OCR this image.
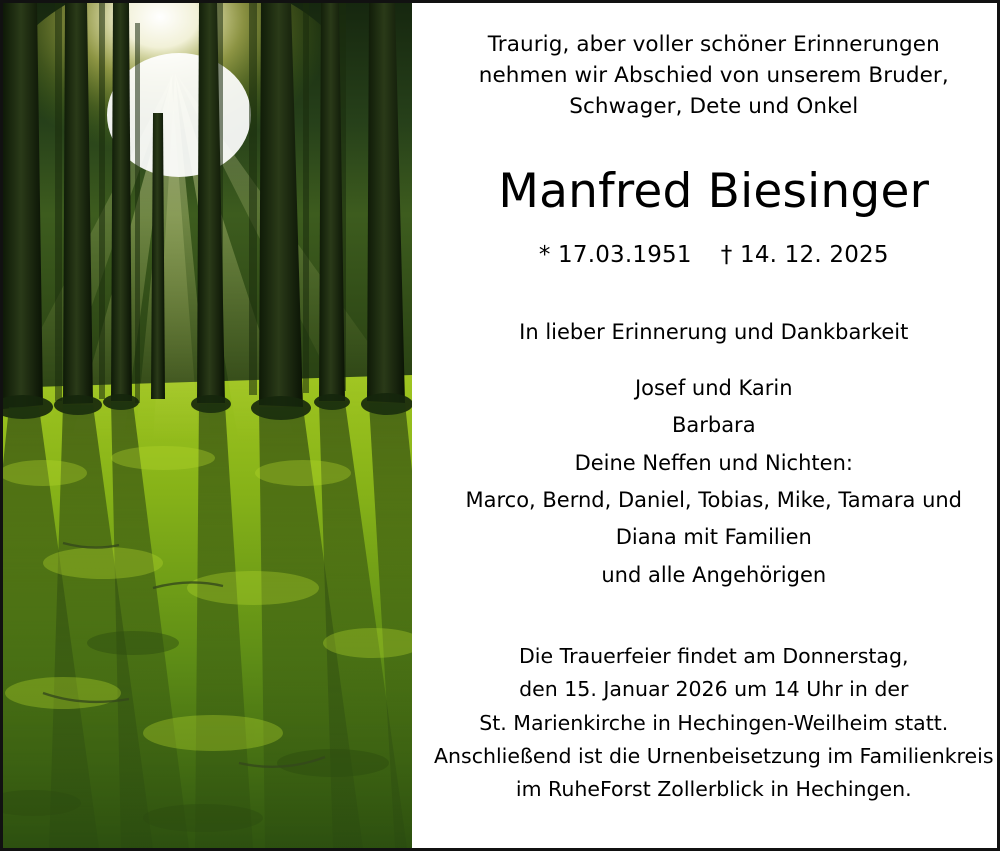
Traurig, aber voller schöner Erinnerungen
nehmen wir Abschied von unserem Bruder,
Schwager, Dete und Onkel
Manfred Biesinger
* 17.03.1951 † 14. 12. 2025
In lieber Erinnerung und Dankbarkeit
Josef und Karin
Barbara
Deine Neffen und Nichten:
Marco, Bernd, Daniel, Tobias, Mike, Tamara und
Diana mit Familien
und alle Angehörigen
Die Trauerfeier findet am Donnerstag,
den 15. Januar 2026 um 14 Uhr in der
St. Marienkirche in Hechingen-Weilheim statt.
Anschließend ist die Urnenbeisetzung im Familienkreis
im RuheForst Zollerblick in Hechingen.
